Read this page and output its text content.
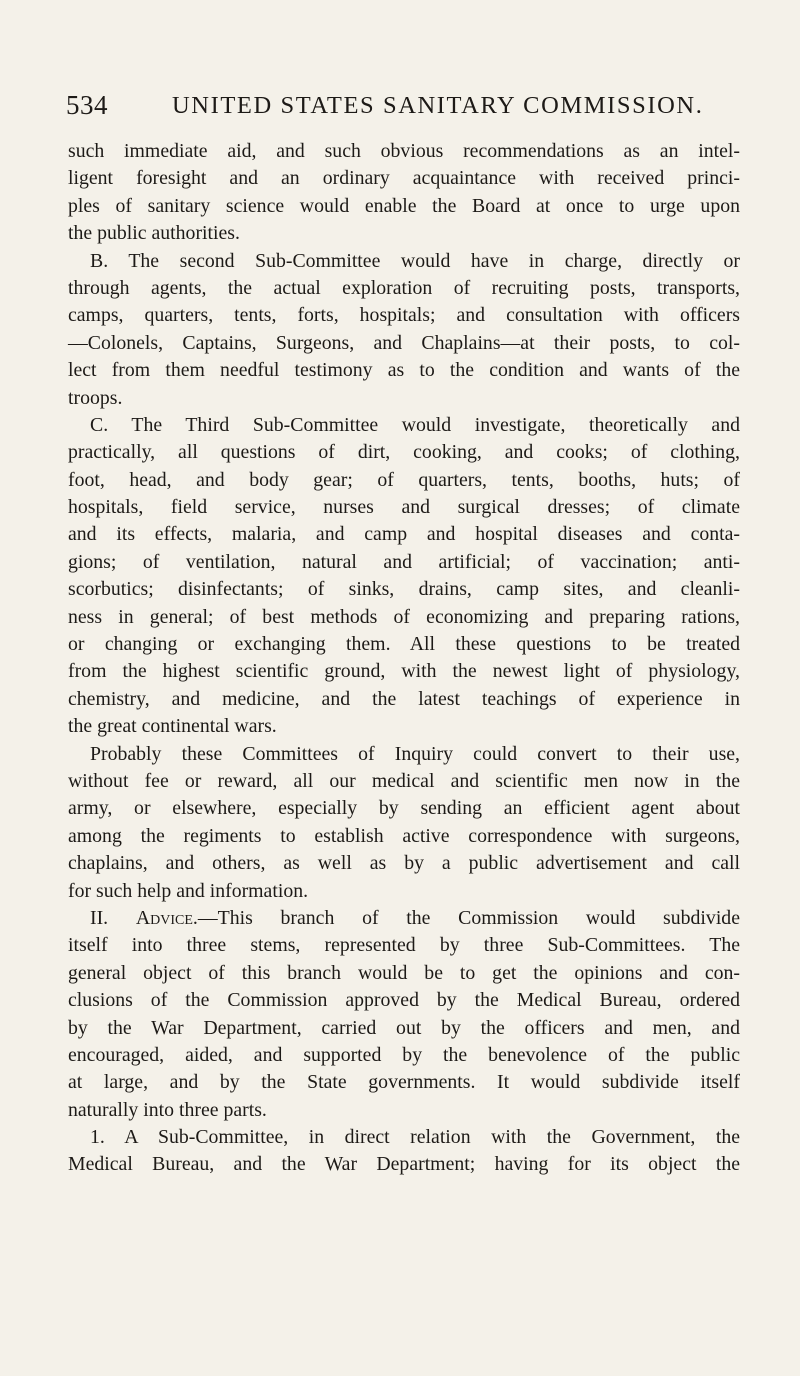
534	UNITED STATES SANITARY COMMISSION.
such immediate aid, and such obvious recommendations as an intel-
ligent foresight and an ordinary acquaintance with received princi-
ples of sanitary science would enable the Board at once to urge upon
the public authorities.
B. The second Sub-Committee would have in charge, directly or
through agents, the actual exploration of recruiting posts, transports,
camps, quarters, tents, forts, hospitals; and consultation with officers
—Colonels, Captains, Surgeons, and Chaplains—at their posts, to col-
lect from them needful testimony as to the condition and wants of the
troops.
C. The Third Sub-Committee would investigate, theoretically and
practically, all questions of dirt, cooking, and cooks; of clothing,
foot, head, and body gear; of quarters, tents, booths, huts; of
hospitals, field service, nurses and surgical dresses; of climate
and its effects, malaria, and camp and hospital diseases and conta-
gions; of ventilation, natural and artificial; of vaccination; anti-
scorbutics; disinfectants; of sinks, drains, camp sites, and cleanli-
ness in general; of best methods of economizing and preparing rations,
or changing or exchanging them. All these questions to be treated
from the highest scientific ground, with the newest light of physiology,
chemistry, and medicine, and the latest teachings of experience in
the great continental wars.
Probably these Committees of Inquiry could convert to their use,
without fee or reward, all our medical and scientific men now in the
army, or elsewhere, especially by sending an efficient agent about
among the regiments to establish active correspondence with surgeons,
chaplains, and others, as well as by a public advertisement and call
for such help and information.
II. Advice.—This branch of the Commission would subdivide
itself into three stems, represented by three Sub-Committees. The
general object of this branch would be to get the opinions and con-
clusions of the Commission approved by the Medical Bureau, ordered
by the War Department, carried out by the officers and men, and
encouraged, aided, and supported by the benevolence of the public
at large, and by the State governments. It would subdivide itself
naturally into three parts.
1. A Sub-Committee, in direct relation with the Government, the
Medical Bureau, and the War Department; having for its object the
